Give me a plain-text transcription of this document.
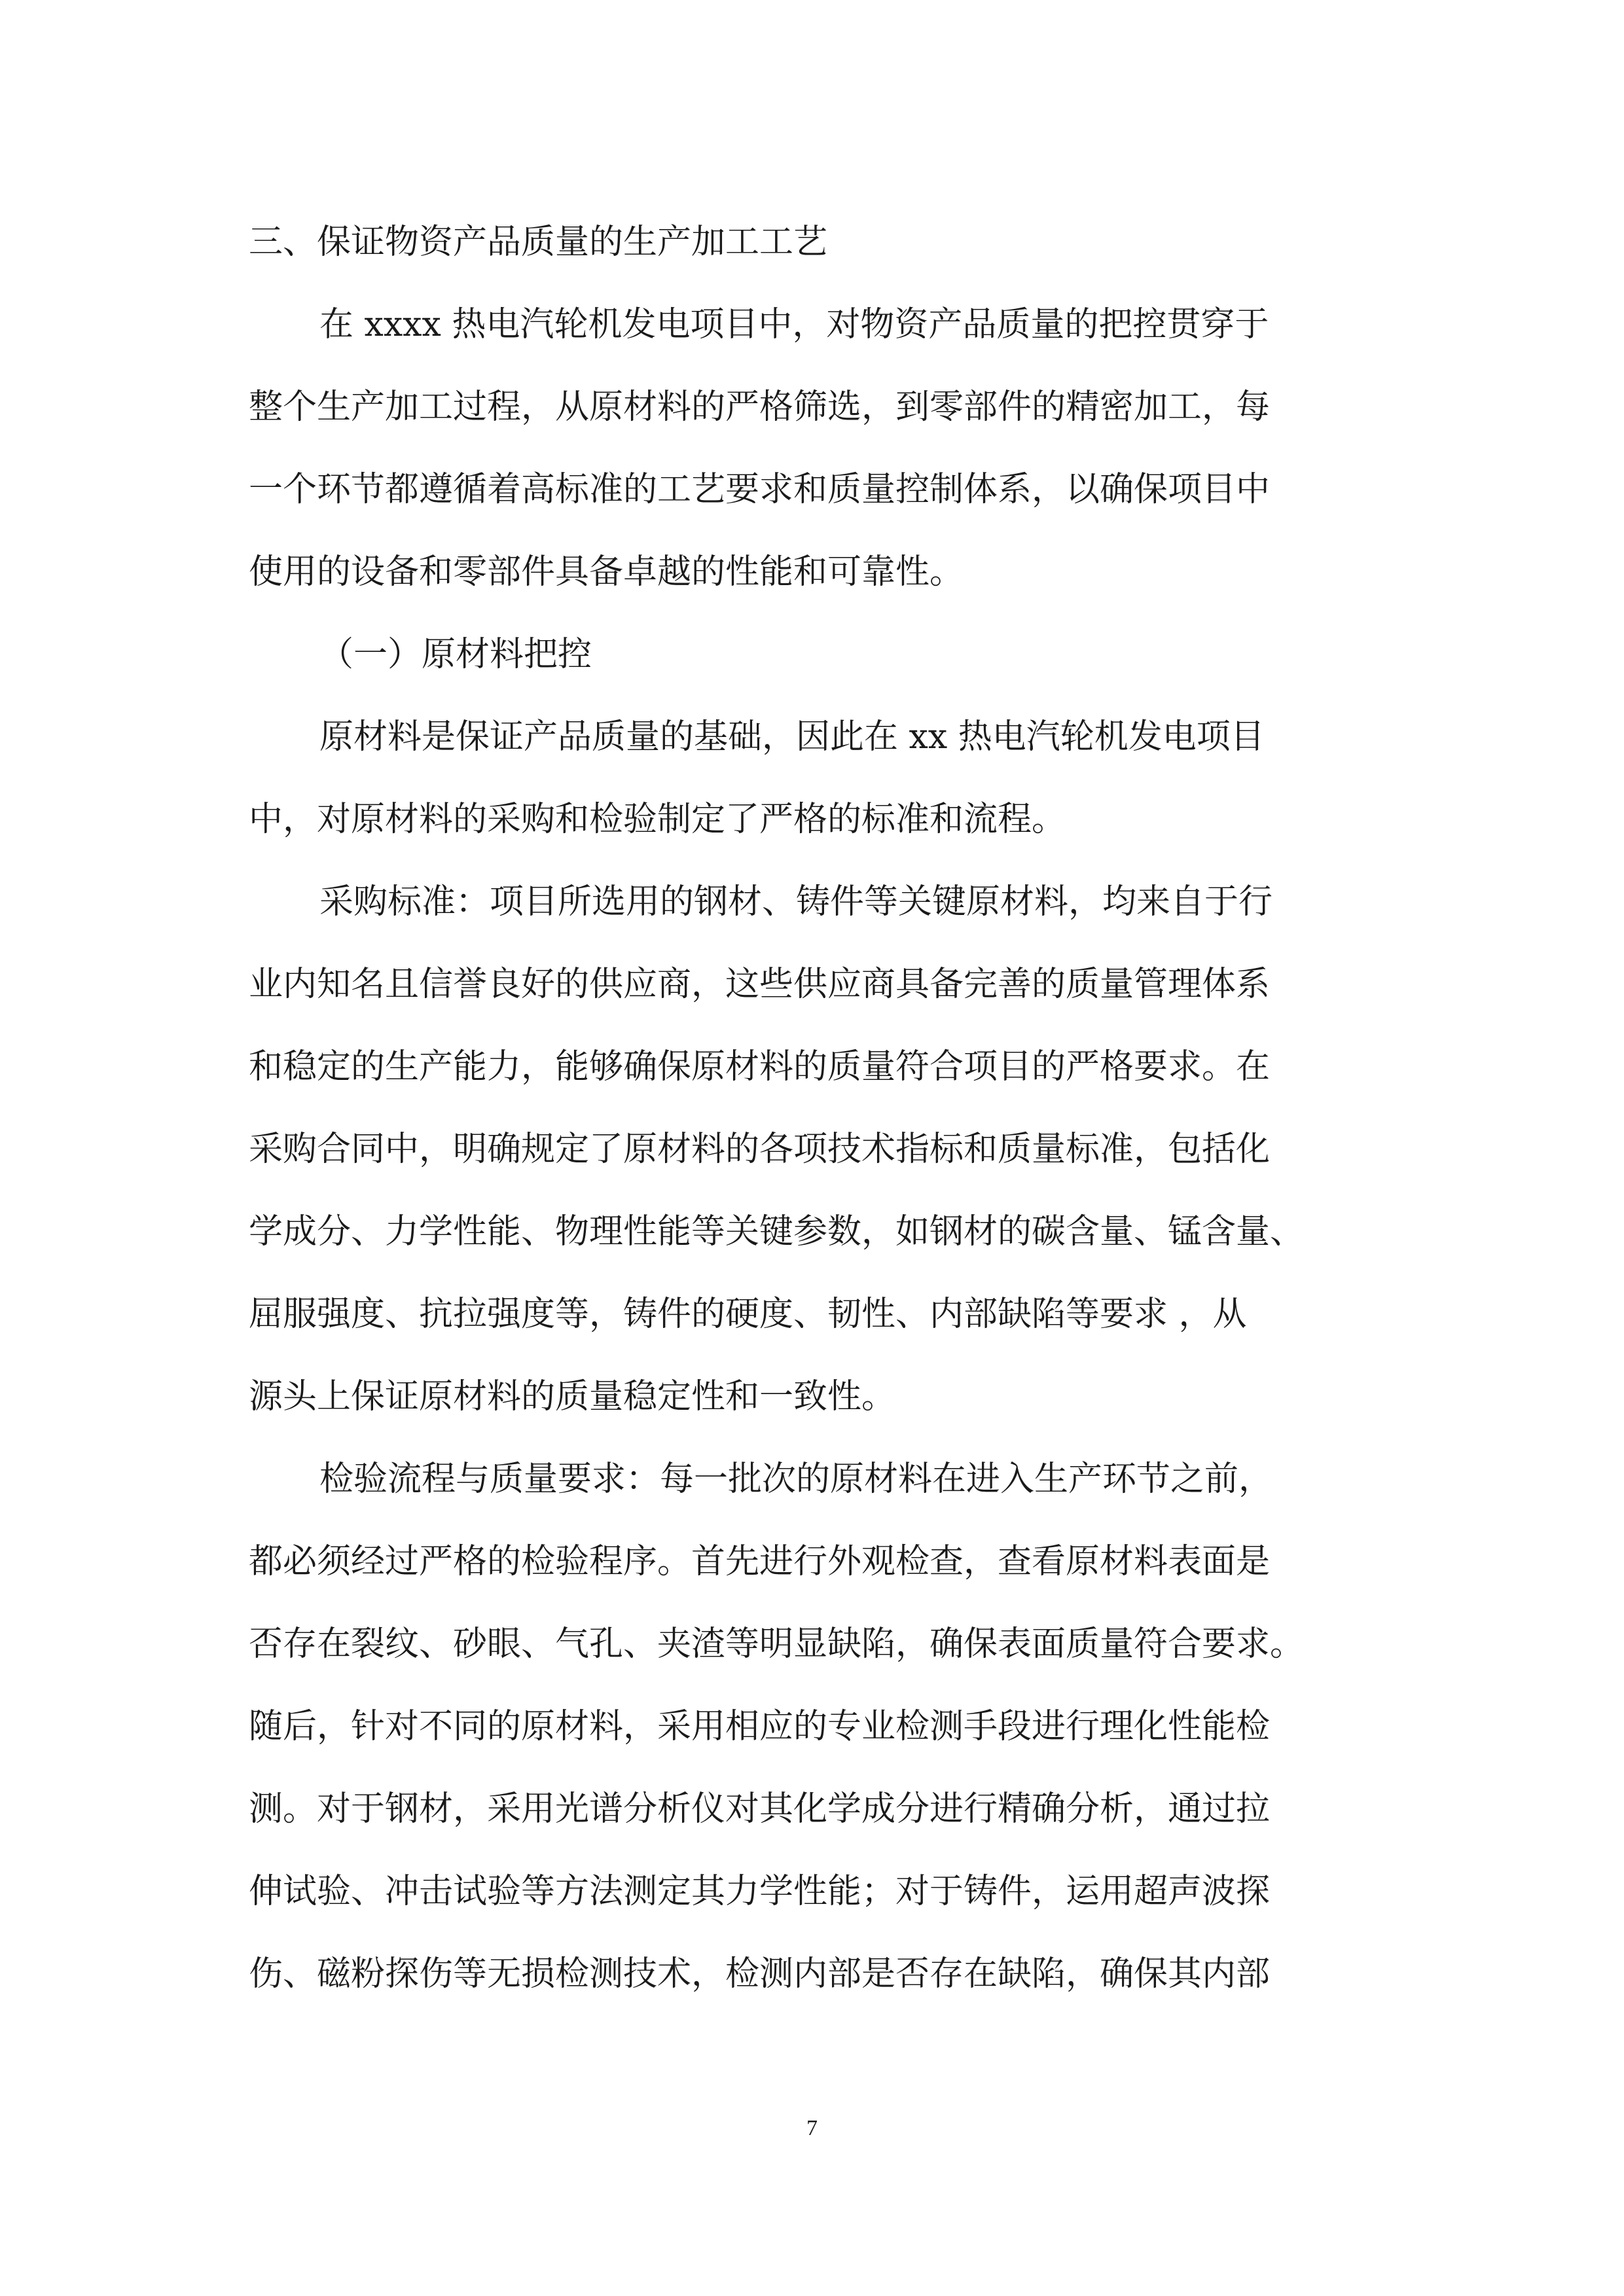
三、保证物资产品质量的生产加工工艺
在 xxxx 热电汽轮机发电项目中，对物资产品质量的把控贯穿于
整个生产加工过程，从原材料的严格筛选，到零部件的精密加工，每
一个环节都遵循着高标准的工艺要求和质量控制体系，以确保项目中
使用的设备和零部件具备卓越的性能和可靠性。
（一）原材料把控
原材料是保证产品质量的基础，因此在 xx 热电汽轮机发电项目
中，对原材料的采购和检验制定了严格的标准和流程。
采购标准：项目所选用的钢材、铸件等关键原材料，均来自于行
业内知名且信誉良好的供应商，这些供应商具备完善的质量管理体系
和稳定的生产能力，能够确保原材料的质量符合项目的严格要求。在
采购合同中，明确规定了原材料的各项技术指标和质量标准，包括化
学成分、力学性能、物理性能等关键参数，如钢材的碳含量、锰含量、
屈服强度、抗拉强度等，铸件的硬度、韧性、内部缺陷等要求 ，从
源头上保证原材料的质量稳定性和一致性。
检验流程与质量要求：每一批次的原材料在进入生产环节之前，
都必须经过严格的检验程序。首先进行外观检查，查看原材料表面是
否存在裂纹、砂眼、气孔、夹渣等明显缺陷，确保表面质量符合要求。
随后，针对不同的原材料，采用相应的专业检测手段进行理化性能检
测。对于钢材，采用光谱分析仪对其化学成分进行精确分析，通过拉
伸试验、冲击试验等方法测定其力学性能；对于铸件，运用超声波探
伤、磁粉探伤等无损检测技术，检测内部是否存在缺陷，确保其内部
7
